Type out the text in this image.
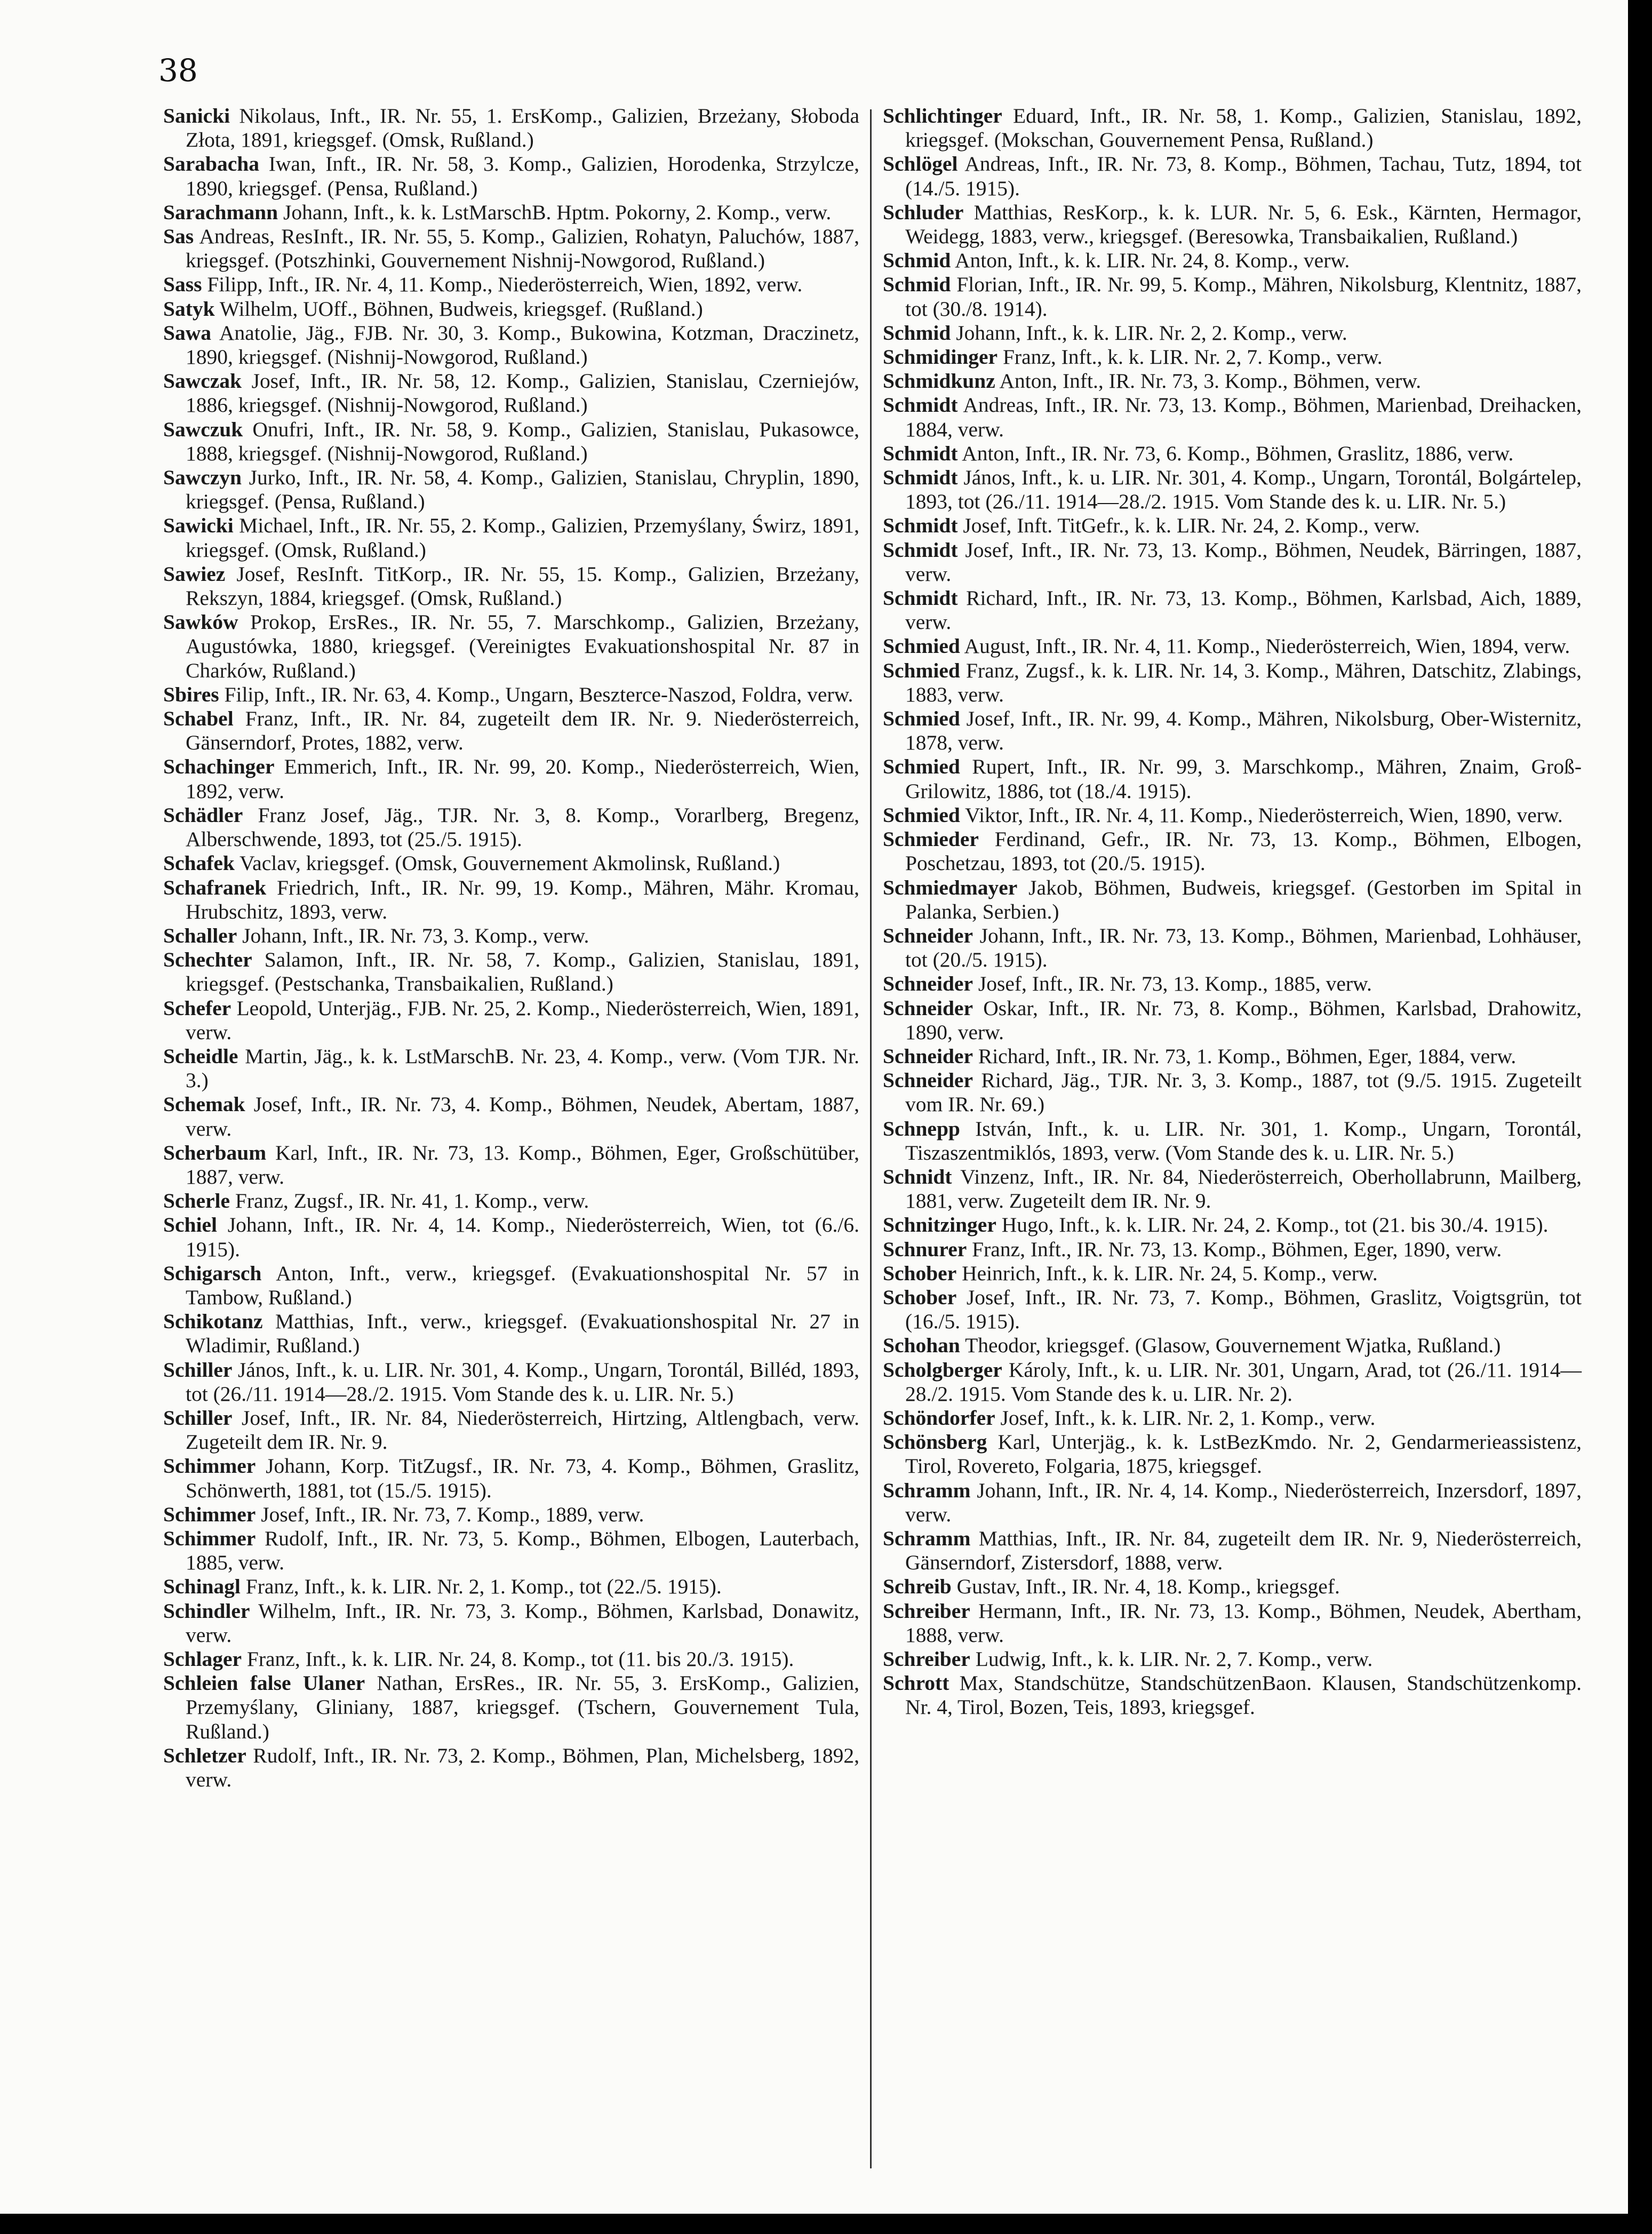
38

Sanicki Nikolaus, Inft., IR. Nr. 55, 1. ErsKomp., Galizien, Brzeżany, Słoboda Złota, 1891, kriegsgef. (Omsk, Rußland.)

Sarabacha Iwan, Inft., IR. Nr. 58, 3. Komp., Galizien, Horodenka, Strzylcze, 1890, kriegsgef. (Pensa, Rußland.)

Sarachmann Johann, Inft., k. k. LstMarschB. Hptm. Pokorny, 2. Komp., verw.

Sas Andreas, ResInft., IR. Nr. 55, 5. Komp., Galizien, Rohatyn, Paluchów, 1887, kriegsgef. (Potszhinki, Gouvernement Nishnij-Nowgorod, Rußland.)

Sass Filipp, Inft., IR. Nr. 4, 11. Komp., Niederösterreich, Wien, 1892, verw.

Satyk Wilhelm, UOff., Böhnen, Budweis, kriegsgef. (Rußland.)

Sawa Anatolie, Jäg., FJB. Nr. 30, 3. Komp., Bukowina, Kotzman, Draczinetz, 1890, kriegsgef. (Nishnij-Nowgorod, Rußland.)

Sawczak Josef, Inft., IR. Nr. 58, 12. Komp., Galizien, Stanislau, Czerniejów, 1886, kriegsgef. (Nishnij-Nowgorod, Rußland.)

Sawczuk Onufri, Inft., IR. Nr. 58, 9. Komp., Galizien, Stanislau, Pukasowce, 1888, kriegsgef. (Nishnij-Nowgorod, Rußland.)

Sawczyn Jurko, Inft., IR. Nr. 58, 4. Komp., Galizien, Stanislau, Chryplin, 1890, kriegsgef. (Pensa, Rußland.)

Sawicki Michael, Inft., IR. Nr. 55, 2. Komp., Galizien, Przemyślany, Świrz, 1891, kriegsgef. (Omsk, Rußland.)

Sawiez Josef, ResInft. TitKorp., IR. Nr. 55, 15. Komp., Galizien, Brzeżany, Rekszyn, 1884, kriegsgef. (Omsk, Rußland.)

Sawków Prokop, ErsRes., IR. Nr. 55, 7. Marschkomp., Galizien, Brzeżany, Augustówka, 1880, kriegsgef. (Vereinigtes Evakuationshospital Nr. 87 in Charków, Rußland.)

Sbires Filip, Inft., IR. Nr. 63, 4. Komp., Ungarn, Beszterce-Naszod, Foldra, verw.

Schabel Franz, Inft., IR. Nr. 84, zugeteilt dem IR. Nr. 9. Niederösterreich, Gänserndorf, Protes, 1882, verw.

Schachinger Emmerich, Inft., IR. Nr. 99, 20. Komp., Niederösterreich, Wien, 1892, verw.

Schädler Franz Josef, Jäg., TJR. Nr. 3, 8. Komp., Vorarlberg, Bregenz, Alberschwende, 1893, tot (25./5. 1915).

Schafek Vaclav, kriegsgef. (Omsk, Gouvernement Akmolinsk, Rußland.)

Schafranek Friedrich, Inft., IR. Nr. 99, 19. Komp., Mähren, Mähr. Kromau, Hrubschitz, 1893, verw.

Schaller Johann, Inft., IR. Nr. 73, 3. Komp., verw.

Schechter Salamon, Inft., IR. Nr. 58, 7. Komp., Galizien, Stanislau, 1891, kriegsgef. (Pestschanka, Transbaikalien, Rußland.)

Schefer Leopold, Unterjäg., FJB. Nr. 25, 2. Komp., Niederösterreich, Wien, 1891, verw.

Scheidle Martin, Jäg., k. k. LstMarschB. Nr. 23, 4. Komp., verw. (Vom TJR. Nr. 3.)

Schemak Josef, Inft., IR. Nr. 73, 4. Komp., Böhmen, Neudek, Abertam, 1887, verw.

Scherbaum Karl, Inft., IR. Nr. 73, 13. Komp., Böhmen, Eger, Großschütüber, 1887, verw.

Scherle Franz, Zugsf., IR. Nr. 41, 1. Komp., verw.

Schiel Johann, Inft., IR. Nr. 4, 14. Komp., Niederösterreich, Wien, tot (6./6. 1915).

Schigarsch Anton, Inft., verw., kriegsgef. (Evakuationshospital Nr. 57 in Tambow, Rußland.)

Schikotanz Matthias, Inft., verw., kriegsgef. (Evakuationshospital Nr. 27 in Wladimir, Rußland.)

Schiller János, Inft., k. u. LIR. Nr. 301, 4. Komp., Ungarn, Torontál, Billéd, 1893, tot (26./11. 1914—28./2. 1915. Vom Stande des k. u. LIR. Nr. 5.)

Schiller Josef, Inft., IR. Nr. 84, Niederösterreich, Hirtzing, Altlengbach, verw. Zugeteilt dem IR. Nr. 9.

Schimmer Johann, Korp. TitZugsf., IR. Nr. 73, 4. Komp., Böhmen, Graslitz, Schönwerth, 1881, tot (15./5. 1915).

Schimmer Josef, Inft., IR. Nr. 73, 7. Komp., 1889, verw.

Schimmer Rudolf, Inft., IR. Nr. 73, 5. Komp., Böhmen, Elbogen, Lauterbach, 1885, verw.

Schinagl Franz, Inft., k. k. LIR. Nr. 2, 1. Komp., tot (22./5. 1915).

Schindler Wilhelm, Inft., IR. Nr. 73, 3. Komp., Böhmen, Karlsbad, Donawitz, verw.

Schlager Franz, Inft., k. k. LIR. Nr. 24, 8. Komp., tot (11. bis 20./3. 1915).

Schleien false Ulaner Nathan, ErsRes., IR. Nr. 55, 3. ErsKomp., Galizien, Przemyślany, Gliniany, 1887, kriegsgef. (Tschern, Gouvernement Tula, Rußland.)

Schletzer Rudolf, Inft., IR. Nr. 73, 2. Komp., Böhmen, Plan, Michelsberg, 1892, verw.

Schlichtinger Eduard, Inft., IR. Nr. 58, 1. Komp., Galizien, Stanislau, 1892, kriegsgef. (Mokschan, Gouvernement Pensa, Rußland.)

Schlögel Andreas, Inft., IR. Nr. 73, 8. Komp., Böhmen, Tachau, Tutz, 1894, tot (14./5. 1915).

Schluder Matthias, ResKorp., k. k. LUR. Nr. 5, 6. Esk., Kärnten, Hermagor, Weidegg, 1883, verw., kriegsgef. (Beresowka, Transbaikalien, Rußland.)

Schmid Anton, Inft., k. k. LIR. Nr. 24, 8. Komp., verw.

Schmid Florian, Inft., IR. Nr. 99, 5. Komp., Mähren, Nikolsburg, Klentnitz, 1887, tot (30./8. 1914).

Schmid Johann, Inft., k. k. LIR. Nr. 2, 2. Komp., verw.

Schmidinger Franz, Inft., k. k. LIR. Nr. 2, 7. Komp., verw.

Schmidkunz Anton, Inft., IR. Nr. 73, 3. Komp., Böhmen, verw.

Schmidt Andreas, Inft., IR. Nr. 73, 13. Komp., Böhmen, Marienbad, Dreihacken, 1884, verw.

Schmidt Anton, Inft., IR. Nr. 73, 6. Komp., Böhmen, Graslitz, 1886, verw.

Schmidt János, Inft., k. u. LIR. Nr. 301, 4. Komp., Ungarn, Torontál, Bolgártelep, 1893, tot (26./11. 1914—28./2. 1915. Vom Stande des k. u. LIR. Nr. 5.)

Schmidt Josef, Inft. TitGefr., k. k. LIR. Nr. 24, 2. Komp., verw.

Schmidt Josef, Inft., IR. Nr. 73, 13. Komp., Böhmen, Neudek, Bärringen, 1887, verw.

Schmidt Richard, Inft., IR. Nr. 73, 13. Komp., Böhmen, Karlsbad, Aich, 1889, verw.

Schmied August, Inft., IR. Nr. 4, 11. Komp., Niederösterreich, Wien, 1894, verw.

Schmied Franz, Zugsf., k. k. LIR. Nr. 14, 3. Komp., Mähren, Datschitz, Zlabings, 1883, verw.

Schmied Josef, Inft., IR. Nr. 99, 4. Komp., Mähren, Nikolsburg, Ober-Wisternitz, 1878, verw.

Schmied Rupert, Inft., IR. Nr. 99, 3. Marschkomp., Mähren, Znaim, Groß-Grilowitz, 1886, tot (18./4. 1915).

Schmied Viktor, Inft., IR. Nr. 4, 11. Komp., Niederösterreich, Wien, 1890, verw.

Schmieder Ferdinand, Gefr., IR. Nr. 73, 13. Komp., Böhmen, Elbogen, Poschetzau, 1893, tot (20./5. 1915).

Schmiedmayer Jakob, Böhmen, Budweis, kriegsgef. (Gestorben im Spital in Palanka, Serbien.)

Schneider Johann, Inft., IR. Nr. 73, 13. Komp., Böhmen, Marienbad, Lohhäuser, tot (20./5. 1915).

Schneider Josef, Inft., IR. Nr. 73, 13. Komp., 1885, verw.

Schneider Oskar, Inft., IR. Nr. 73, 8. Komp., Böhmen, Karlsbad, Drahowitz, 1890, verw.

Schneider Richard, Inft., IR. Nr. 73, 1. Komp., Böhmen, Eger, 1884, verw.

Schneider Richard, Jäg., TJR. Nr. 3, 3. Komp., 1887, tot (9./5. 1915. Zugeteilt vom IR. Nr. 69.)

Schnepp István, Inft., k. u. LIR. Nr. 301, 1. Komp., Ungarn, Torontál, Tiszaszentmiklós, 1893, verw. (Vom Stande des k. u. LIR. Nr. 5.)

Schnidt Vinzenz, Inft., IR. Nr. 84, Niederösterreich, Oberhollabrunn, Mailberg, 1881, verw. Zugeteilt dem IR. Nr. 9.

Schnitzinger Hugo, Inft., k. k. LIR. Nr. 24, 2. Komp., tot (21. bis 30./4. 1915).

Schnurer Franz, Inft., IR. Nr. 73, 13. Komp., Böhmen, Eger, 1890, verw.

Schober Heinrich, Inft., k. k. LIR. Nr. 24, 5. Komp., verw.

Schober Josef, Inft., IR. Nr. 73, 7. Komp., Böhmen, Graslitz, Voigtsgrün, tot (16./5. 1915).

Schohan Theodor, kriegsgef. (Glasow, Gouvernement Wjatka, Rußland.)

Scholgberger Károly, Inft., k. u. LIR. Nr. 301, Ungarn, Arad, tot (26./11. 1914—28./2. 1915. Vom Stande des k. u. LIR. Nr. 2).

Schöndorfer Josef, Inft., k. k. LIR. Nr. 2, 1. Komp., verw.

Schönsberg Karl, Unterjäg., k. k. LstBezKmdo. Nr. 2, Gendarmerieassistenz, Tirol, Rovereto, Folgaria, 1875, kriegsgef.

Schramm Johann, Inft., IR. Nr. 4, 14. Komp., Niederösterreich, Inzersdorf, 1897, verw.

Schramm Matthias, Inft., IR. Nr. 84, zugeteilt dem IR. Nr. 9, Niederösterreich, Gänserndorf, Zistersdorf, 1888, verw.

Schreib Gustav, Inft., IR. Nr. 4, 18. Komp., kriegsgef.

Schreiber Hermann, Inft., IR. Nr. 73, 13. Komp., Böhmen, Neudek, Abertham, 1888, verw.

Schreiber Ludwig, Inft., k. k. LIR. Nr. 2, 7. Komp., verw.

Schrott Max, Standschütze, StandschützenBaon. Klausen, Standschützenkomp. Nr. 4, Tirol, Bozen, Teis, 1893, kriegsgef.
